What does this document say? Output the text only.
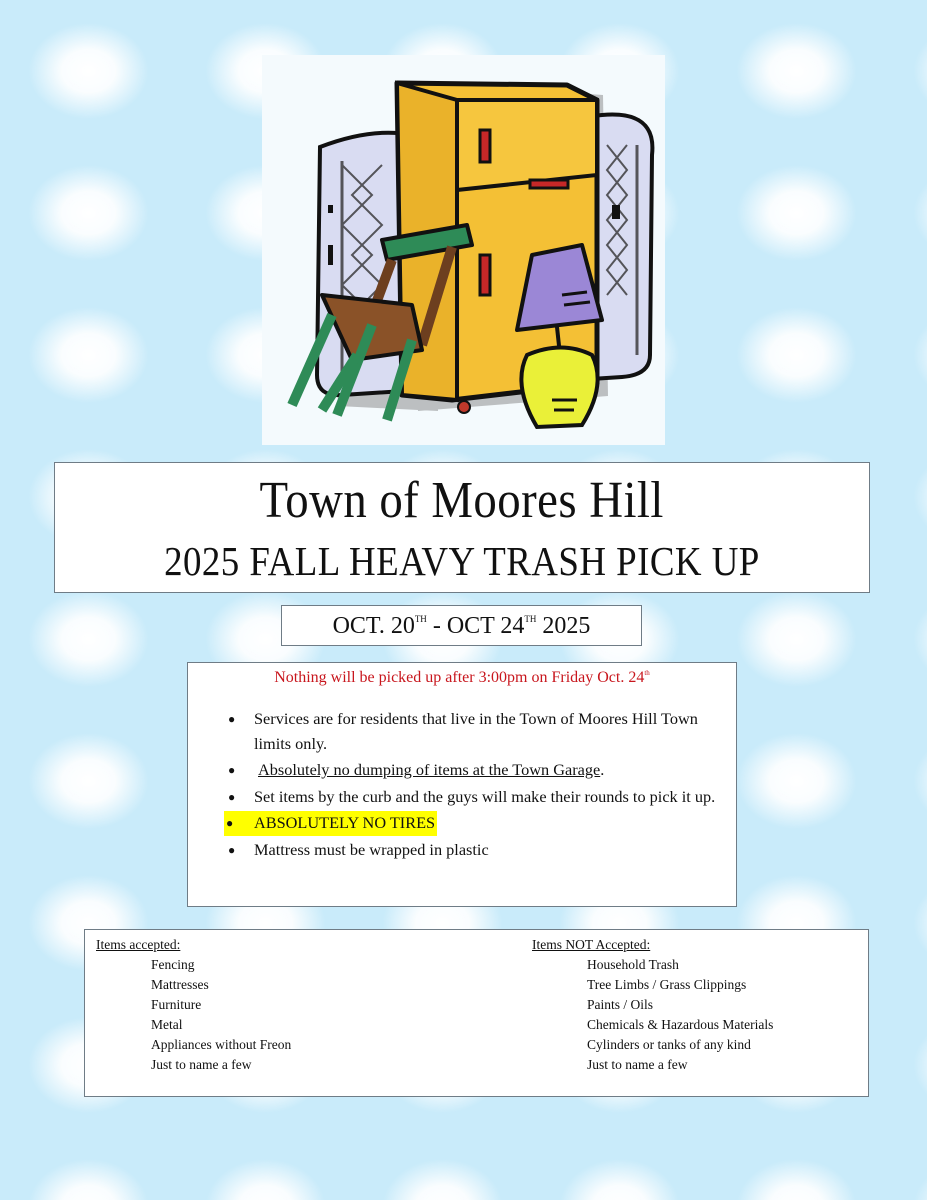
Town of Moores Hill
2025 FALL HEAVY TRASH PICK UP
OCT. 20TH - OCT 24TH 2025
Nothing will be picked up after 3:00pm on Friday Oct. 24th
● Services are for residents that live in the Town of Moores Hill Town limits only.
● Absolutely no dumping of items at the Town Garage.
● Set items by the curb and the guys will make their rounds to pick it up.
● ABSOLUTELY NO TIRES
● Mattress must be wrapped in plastic
Items accepted:
Fencing
Mattresses
Furniture
Metal
Appliances without Freon
Just to name a few
Items NOT Accepted:
Household Trash
Tree Limbs / Grass Clippings
Paints / Oils
Chemicals & Hazardous Materials
Cylinders or tanks of any kind
Just to name a few
